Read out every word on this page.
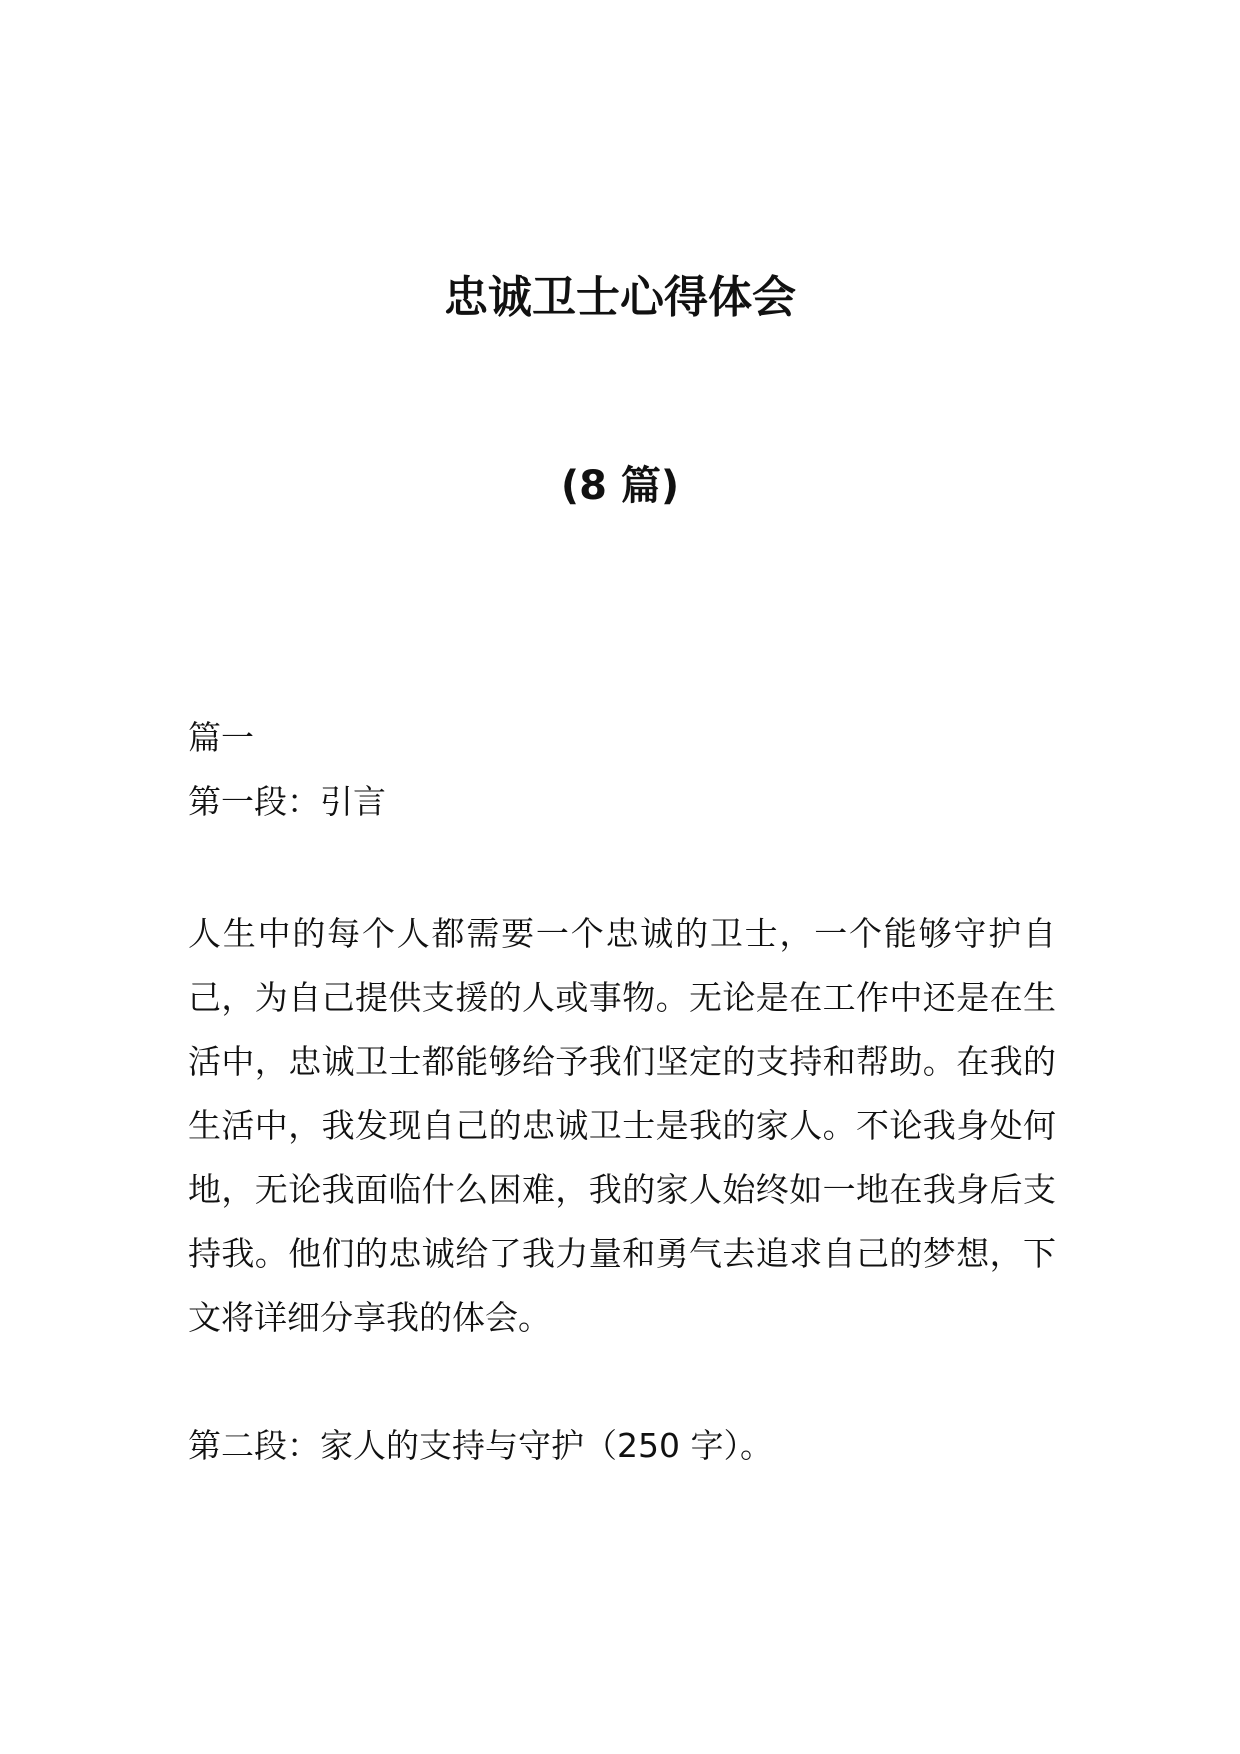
忠诚卫士心得体会
(8 篇)

篇一

第一段：引言

人生中的每个人都需要一个忠诚的卫士，一个能够守护自己，为自己提供支援的人或事物。无论是在工作中还是在生活中，忠诚卫士都能够给予我们坚定的支持和帮助。在我的生活中，我发现自己的忠诚卫士是我的家人。不论我身处何地，无论我面临什么困难，我的家人始终如一地在我身后支持我。他们的忠诚给了我力量和勇气去追求自己的梦想，下文将详细分享我的体会。

第二段：家人的支持与守护（250 字）。
